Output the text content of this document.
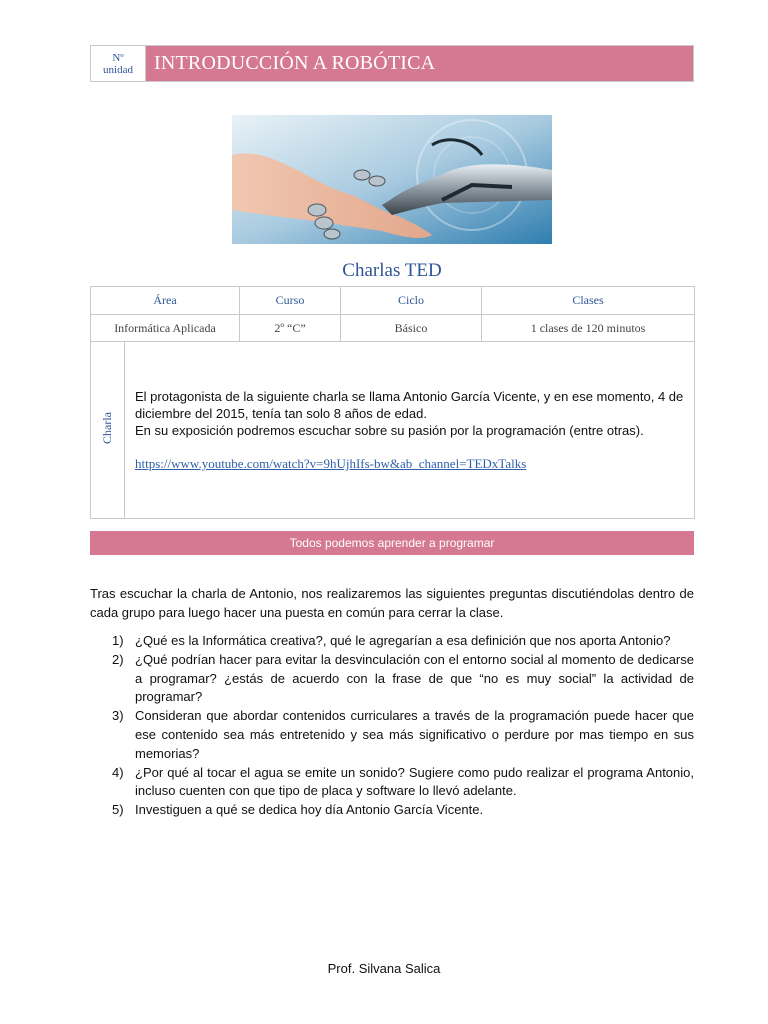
Nº
unidad	INTRODUCCIÓN A ROBÓTICA
Charlas TED
Área		Curso	Ciclo	Clases
Informática Aplicada		2º “C”	Básico	1 clases de 120 minutos
Charla	El protagonista de la siguiente charla se llama Antonio García Vicente, y en ese momento, 4 de diciembre del 2015, tenía tan solo 8 años de edad.

En su exposición podremos escuchar sobre su pasión por la programación (entre otras).

https://www.youtube.com/watch?v=9hUjhIfs-bw&ab_channel=TEDxTalks			
Todos podemos aprender a programar

Tras escuchar la charla de Antonio, nos realizaremos las siguientes preguntas discutiéndolas dentro de cada grupo para luego hacer una puesta en común para cerrar la clase.

1) ¿Qué es la Informática creativa?, qué le agregarían a esa definición que nos aporta Antonio?
2) ¿Qué podrían hacer para evitar la desvinculación con el entorno social al momento de dedicarse a programar? ¿estás de acuerdo con la frase de que “no es muy social” la actividad de programar?
3) Consideran que abordar contenidos curriculares a través de la programación puede hacer que ese contenido sea más entretenido y sea más significativo o perdure por mas tiempo en sus memorias?
4) ¿Por qué al tocar el agua se emite un sonido? Sugiere como pudo realizar el programa Antonio, incluso cuenten con que tipo de placa y software lo llevó adelante.
5) Investiguen a qué se dedica hoy día Antonio García Vicente.
Prof. Silvana Salica
